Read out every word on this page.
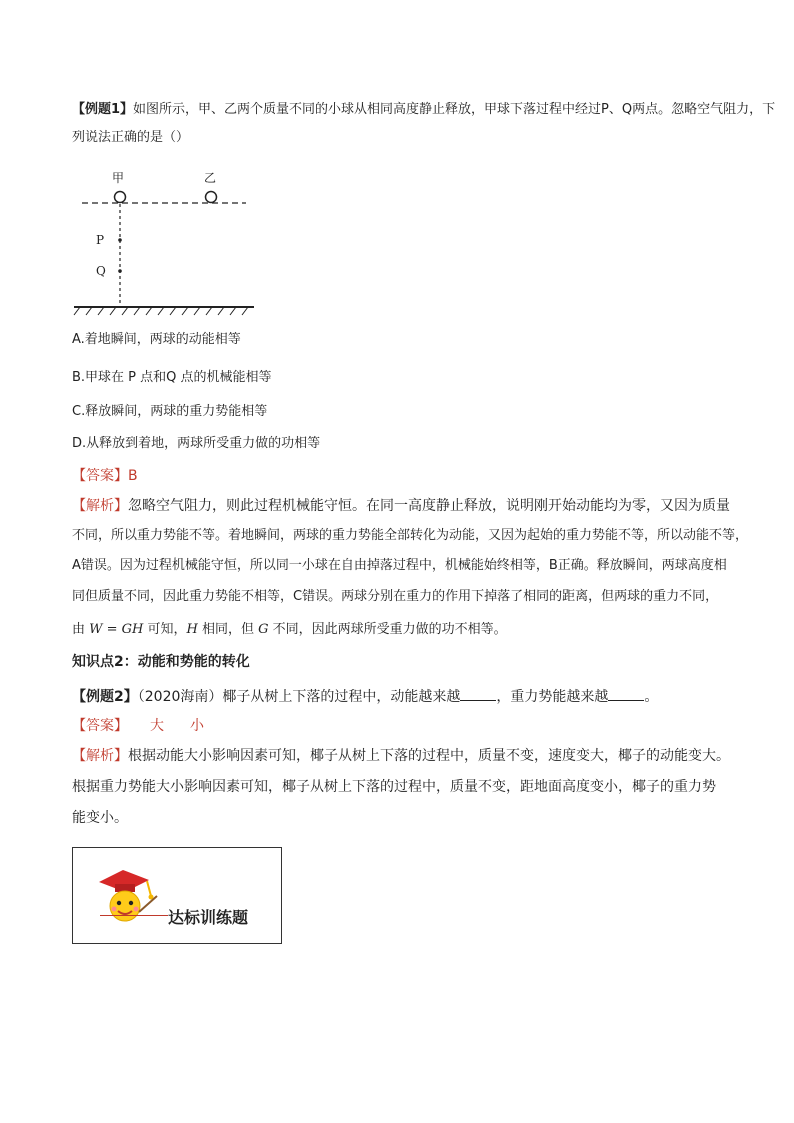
【例题1】如图所示，甲、乙两个质量不同的小球从相同高度静止释放，甲球下落过程中经过P、Q两点。忽略空气阻力，下
列说法正确的是（）
甲	乙
P
Q
A.着地瞬间，两球的动能相等
B.甲球在 P 点和Q 点的机械能相等
C.释放瞬间，两球的重力势能相等
D.从释放到着地，两球所受重力做的功相等
【答案】B
【解析】忽略空气阻力，则此过程机械能守恒。在同一高度静止释放，说明刚开始动能均为零，又因为质量
不同，所以重力势能不等。着地瞬间，两球的重力势能全部转化为动能，又因为起始的重力势能不等，所以动能不等，
A错误。因为过程机械能守恒，所以同一小球在自由掉落过程中，机械能始终相等，B正确。释放瞬间，两球高度相
同但质量不同，因此重力势能不相等，C错误。两球分别在重力的作用下掉落了相同的距离，但两球的重力不同，
由 W = GH 可知，H 相同，但 G 不同，因此两球所受重力做的功不相等。
知识点2：动能和势能的转化
【例题2】（2020海南）椰子从树上下落的过程中，动能越来越	，重力势能越来越	。
【答案】 大 小
【解析】根据动能大小影响因素可知，椰子从树上下落的过程中，质量不变，速度变大，椰子的动能变大。
根据重力势能大小影响因素可知，椰子从树上下落的过程中，质量不变，距地面高度变小，椰子的重力势
能变小。
达标训练题
